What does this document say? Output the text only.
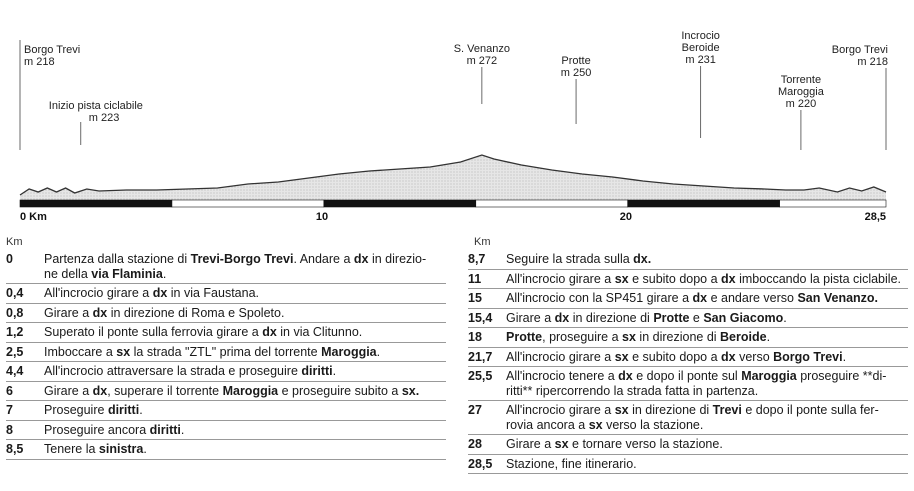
Borgo Trevi
m 218
Inizio pista ciclabile
m 223
S. Venanzo
m 272	Protte
m 250
Incrocio
Beroide
m 231
Torrente
Maroggia
m 220
Borgo Trevi
m 218
0 Km	10	20	28,5
Km
0	Partenza dalla stazione di Trevi-Borgo Trevi. Andare a dx in direzio-
ne della via Flaminia.
0,4	All'incrocio girare a dx in via Faustana.
0,8	Girare a dx in direzione di Roma e Spoleto.
1,2	Superato il ponte sulla ferrovia girare a dx in via Clitunno.
2,5	Imboccare a sx la strada "ZTL" prima del torrente Maroggia.
4,4	All'incrocio attraversare la strada e proseguire diritti.
6	Girare a dx, superare il torrente Maroggia e proseguire subito a sx.
7	Proseguire diritti.
8	Proseguire ancora diritti.
8,5	Tenere la sinistra.
Km
8,7	Seguire la strada sulla dx.
11	All'incrocio girare a sx e subito dopo a dx imboccando la pista ciclabile.
15	All'incrocio con la SP451 girare a dx e andare verso San Venanzo.
15,4	Girare a dx in direzione di Protte e San Giacomo.
18	Protte, proseguire a sx in direzione di Beroide.
21,7	All'incrocio girare a sx e subito dopo a dx verso Borgo Trevi.
25,5	All'incrocio tenere a dx e dopo il ponte sul Maroggia proseguire **di-
ritti** ripercorrendo la strada fatta in partenza.
27	All'incrocio girare a sx in direzione di Trevi e dopo il ponte sulla fer-
rovia ancora a sx verso la stazione.
28	Girare a sx e tornare verso la stazione.
28,5	Stazione, fine itinerario.
